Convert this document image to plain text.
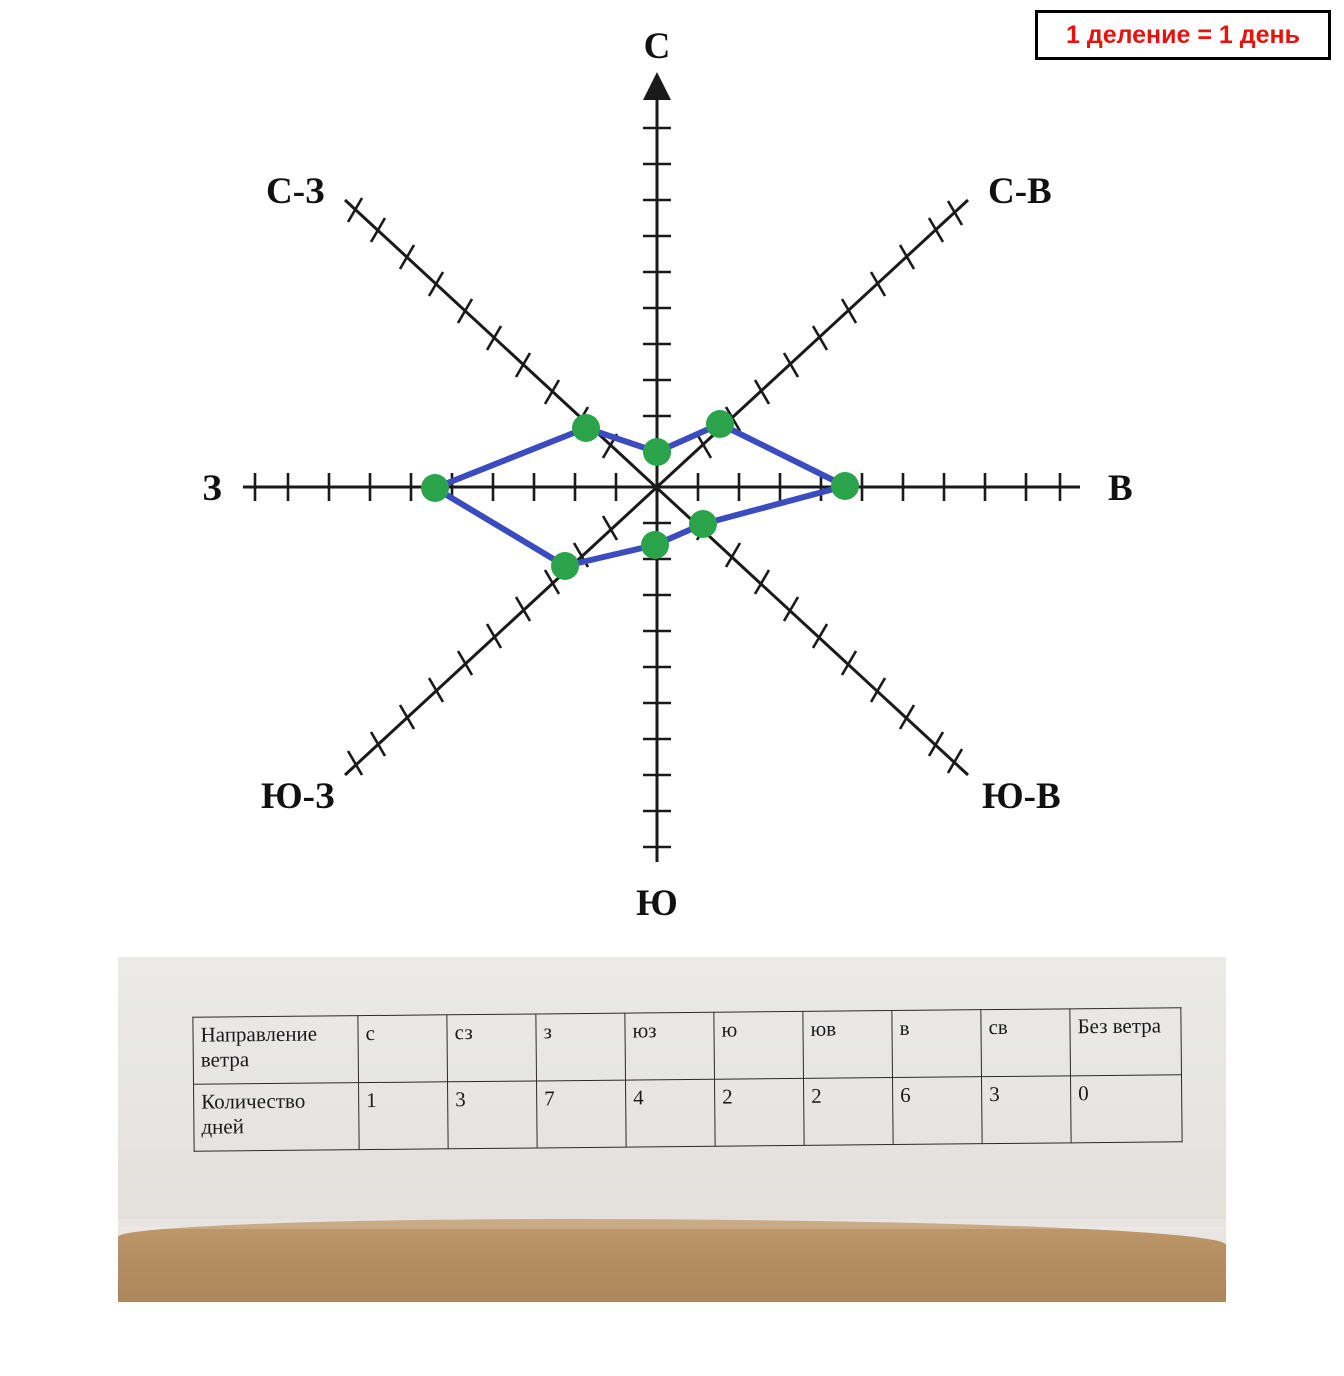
1 деление = 1 день
С
В
Ю
З
С-З	С-В
Ю-З	Ю-В
Направление ветра	с	сз	з	юз	ю	юв	в	св	Без ветра
Количество дней	1	3	7	4	2	2	6	3	0
